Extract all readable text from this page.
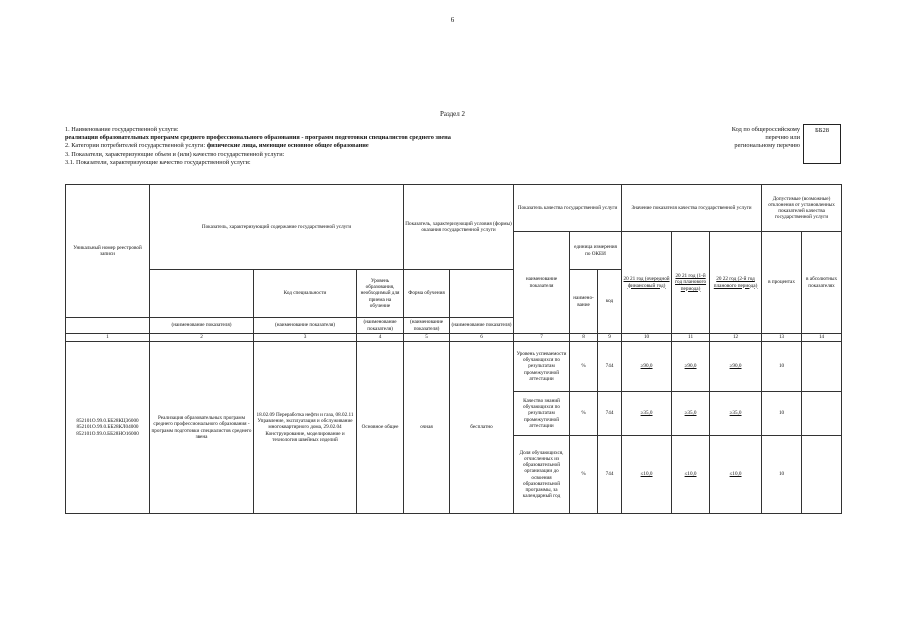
6
Раздел 2
1. Наименование государственной услуги:
реализация образовательных программ среднего профессионального образования - программ подготовки специалистов среднего звена
2. Категории потребителей государственной услуги: физические лица, имеющие основное общее образование
3. Показатели, характеризующие объем и (или) качество государственной услуги:
3.1. Показатели, характеризующие качество государственной услуги:
Код по общероссийскому
перечню или
региональному перечню
ББ28
Уникальный номер реестровой записи	Показатель, характеризующий содержание государственной услуги			Показатель, характеризующий условия (формы) оказания государственной услуги		Показатель качества государственной услуги			Значение показателя качества государственной услуги			Допустимые (возможные) отклонения от установленных показателей качества государственной услуги	
						наименование показателя	единица измерения по ОКЕИ		20 21 год (очередной финансовый год)	20 21 год (1-й год планового периода)	20 22 год (2-й год планового периода)	в процентах	в абсолютных показателях
		Код специальности	Уровень образования, необходимый для приема на обучение	Форма обучения			наимено-вание	код					
	(наименование показателя)	(наименование показателя)	(наименование показателя)	(наименование показателя)	(наименование показателя)								
1	2	3	4	5	6	7	8	9	10	11	12	13	14
852101О.99.0.ББ28КЦ36000 852101О.99.0.ББ28КЛ04000 852101О.99.0.ББ28НО16000	Реализация образовательных программ среднего профессионального образования - программ подготовки специалистов среднего звена	18.02.09 Переработка нефти и газа, 08.02.11 Управление, эксплуатация и обслуживание многоквартирного дома, 29.02.04 Конструирование, моделирование и технология швейных изделий	Основное общее	очная	бесплатно	Уровень успеваемости обучающихся по результатам промежуточной аттестации	%	744	≥90,0	≥90,0	≥90,0	10	
						Качество знаний обучающихся по результатам промежуточной аттестации	%	744	≥35,0	≥35,0	≥35,0	10	
						Доля обучающихся, отчисленных из образовательной организации до освоения образовательной программы, за календарный год	%	744	≤10,0	≤10,0	≤10,0	10	
